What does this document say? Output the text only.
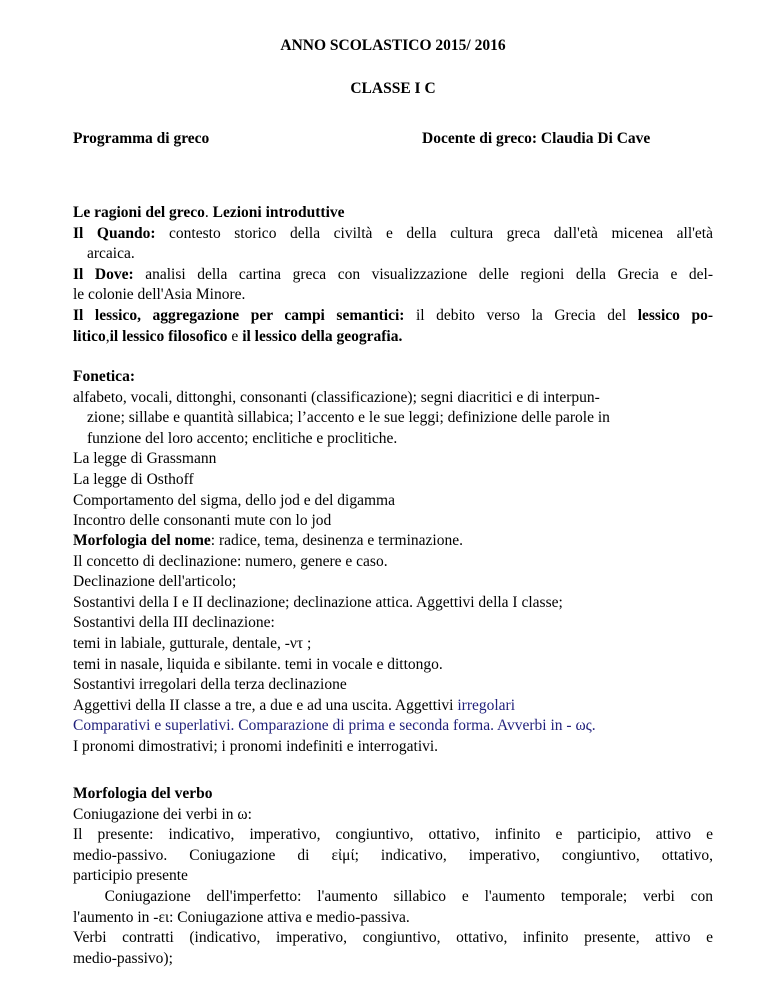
ANNO SCOLASTICO 2015/ 2016
CLASSE I C
Programma di greco	Docente di greco: Claudia Di Cave

Le ragioni del greco. Lezioni introduttive

Il Quando: contesto storico della civiltà e della cultura greca dall'età micenea all'età

arcaica.

Il Dove: analisi della cartina greca con visualizzazione delle regioni della Grecia e del-

le colonie dell'Asia Minore.

Il lessico, aggregazione per campi semantici: il debito verso la Grecia del lessico po-

litico,il lessico filosofico e il lessico della geografia.

Fonetica:

alfabeto, vocali, dittonghi, consonanti (classificazione); segni diacritici e di interpun-

zione; sillabe e quantità sillabica; l’accento e le sue leggi; definizione delle parole in

funzione del loro accento; enclitiche e proclitiche.

La legge di Grassmann

La legge di Osthoff

Comportamento del sigma, dello jod e del digamma

Incontro delle consonanti mute con lo jod

Morfologia del nome: radice, tema, desinenza e terminazione.

Il concetto di declinazione: numero, genere e caso.

Declinazione dell'articolo;

Sostantivi della I e II declinazione; declinazione attica. Aggettivi della I classe;

Sostantivi della III declinazione:

temi in labiale, gutturale, dentale, -ντ ;

temi in nasale, liquida e sibilante. temi in vocale e dittongo.

Sostantivi irregolari della terza declinazione

Aggettivi della II classe a tre, a due e ad una uscita. Aggettivi irregolari

Comparativi e superlativi. Comparazione di prima e seconda forma. Avverbi in - ως.

I pronomi dimostrativi; i pronomi indefiniti e interrogativi.

Morfologia del verbo

Coniugazione dei verbi in ω:

Il presente: indicativo, imperativo, congiuntivo, ottativo, infinito e participio, attivo e

medio-passivo. Coniugazione di εἰμί; indicativo, imperativo, congiuntivo, ottativo,

participio presente

Coniugazione dell'imperfetto: l'aumento sillabico e l'aumento temporale; verbi con

l'aumento in -ει: Coniugazione attiva e medio-passiva.

Verbi contratti (indicativo, imperativo, congiuntivo, ottativo, infinito presente, attivo e

medio-passivo);
